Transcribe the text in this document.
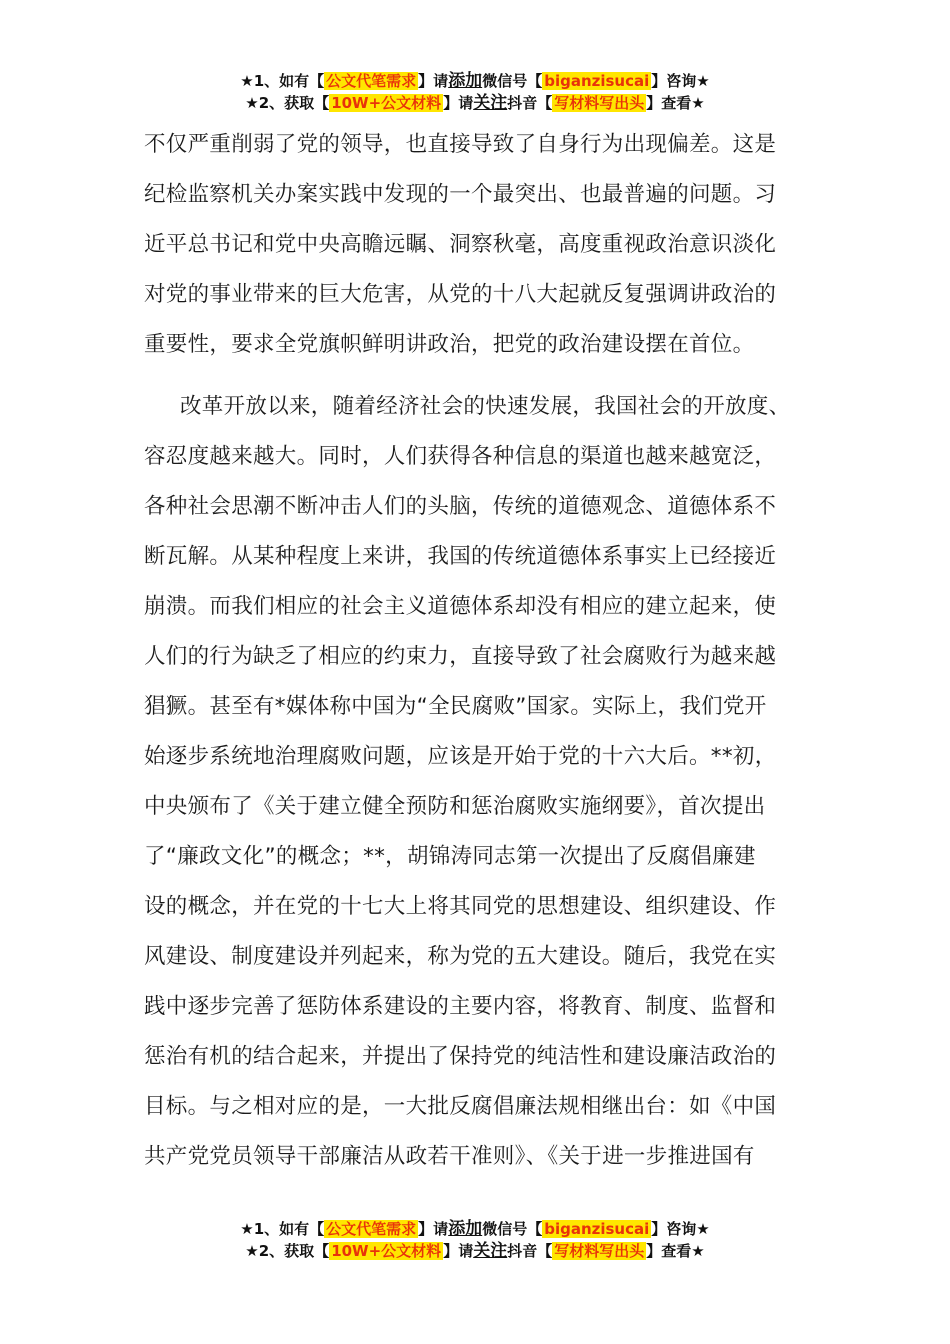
★1、如有【 公文代笔需求 】请添加微信号【 biganzisucai 】咨询★
★2、获取【 10W+公文材料 】请关注抖音【 写材料写出头 】查看★
不仅严重削弱了党的领导，也直接导致了自身行为出现偏差。这是
纪检监察机关办案实践中发现的一个最突出、也最普遍的问题。习
近平总书记和党中央高瞻远瞩、洞察秋毫，高度重视政治意识淡化
对党的事业带来的巨大危害，从党的十八大起就反复强调讲政治的
重要性，要求全党旗帜鲜明讲政治，把党的政治建设摆在首位。
改革开放以来，随着经济社会的快速发展，我国社会的开放度、
容忍度越来越大。同时，人们获得各种信息的渠道也越来越宽泛，
各种社会思潮不断冲击人们的头脑，传统的道德观念、道德体系不
断瓦解。从某种程度上来讲，我国的传统道德体系事实上已经接近
崩溃。而我们相应的社会主义道德体系却没有相应的建立起来，使
人们的行为缺乏了相应的约束力，直接导致了社会腐败行为越来越
猖獗。甚至有*媒体称中国为“全民腐败”国家。实际上，我们党开
始逐步系统地治理腐败问题，应该是开始于党的十六大后。**初，
中央颁布了《关于建立健全预防和惩治腐败实施纲要》，首次提出
了“廉政文化”的概念；**，胡锦涛同志第一次提出了反腐倡廉建
设的概念，并在党的十七大上将其同党的思想建设、组织建设、作
风建设、制度建设并列起来，称为党的五大建设。随后，我党在实
践中逐步完善了惩防体系建设的主要内容，将教育、制度、监督和
惩治有机的结合起来，并提出了保持党的纯洁性和建设廉洁政治的
目标。与之相对应的是，一大批反腐倡廉法规相继出台：如《中国
共产党党员领导干部廉洁从政若干准则》、《关于进一步推进国有
★1、如有【 公文代笔需求 】请添加微信号【 biganzisucai 】咨询★
★2、获取【 10W+公文材料 】请关注抖音【 写材料写出头 】查看★
